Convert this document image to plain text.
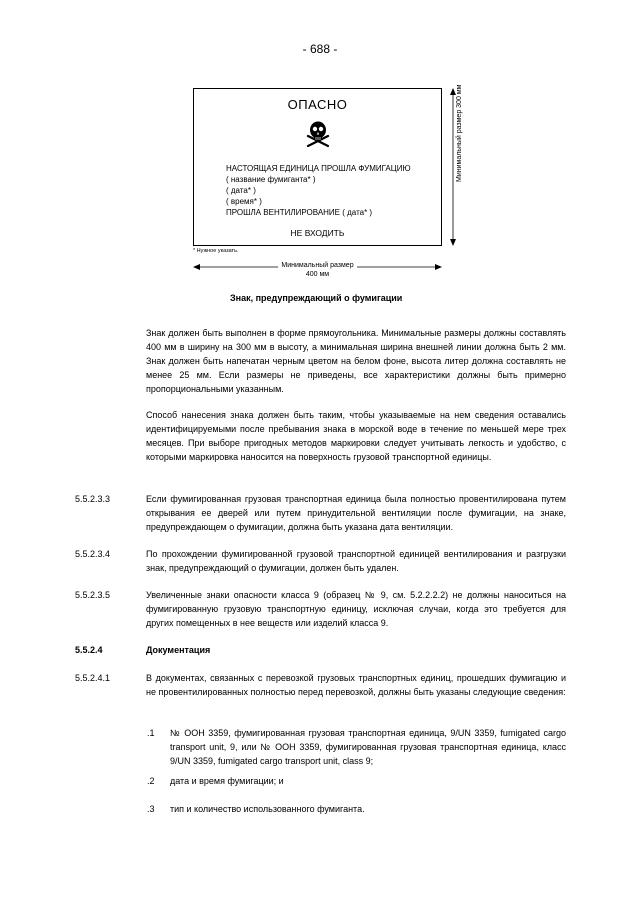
- 688 -
ОПАСНО
НАСТОЯЩАЯ ЕДИНИЦА ПРОШЛА ФУМИГАЦИЮ
( название фумиганта* )
( дата* )
( время* )
ПРОШЛА ВЕНТИЛИРОВАНИЕ ( дата* )
НЕ ВХОДИТЬ
* Нужное указать.
Минимальный размер 300 мм
Минимальный размер
400 мм
Знак, предупреждающий о фумигации
Знак должен быть выполнен в форме прямоугольника. Минимальные размеры должны составлять 400 мм в ширину на 300 мм в высоту, а минимальная ширина внешней линии должна быть 2 мм. Знак должен быть напечатан черным цветом на белом фоне, высота литер должна составлять не менее 25 мм. Если размеры не приведены, все характеристики должны быть примерно пропорциональными указанным.
Способ нанесения знака должен быть таким, чтобы указываемые на нем сведения оставались идентифицируемыми после пребывания знака в морской воде в течение по меньшей мере трех месяцев. При выборе пригодных методов маркировки следует учитывать легкость и удобство, с которыми маркировка наносится на поверхность грузовой транспортной единицы.
5.5.2.3.3	Если фумигированная грузовая транспортная единица была полностью провентилирована путем открывания ее дверей или путем принудительной вентиляции после фумигации, на знаке, предупреждающем о фумигации, должна быть указана дата вентиляции.
5.5.2.3.4	По прохождении фумигированной грузовой транспортной единицей вентилирования и разгрузки знак, предупреждающий о фумигации, должен быть удален.
5.5.2.3.5	Увеличенные знаки опасности класса 9 (образец № 9, см. 5.2.2.2.2) не должны наноситься на фумигированную грузовую транспортную единицу, исключая случаи, когда это требуется для других помещенных в нее веществ или изделий класса 9.
5.5.2.4	Документация
5.5.2.4.1	В документах, связанных с перевозкой грузовых транспортных единиц, прошедших фумигацию и не провентилированных полностью перед перевозкой, должны быть указаны следующие сведения:
.1 № ООН 3359, фумигированная грузовая транспортная единица, 9/UN 3359, fumigated cargo transport unit, 9, или № ООН 3359, фумигированная грузовая транспортная единица, класс 9/UN 3359, fumigated cargo transport unit, class 9;
.2 дата и время фумигации; и
.3 тип и количество использованного фумиганта.
